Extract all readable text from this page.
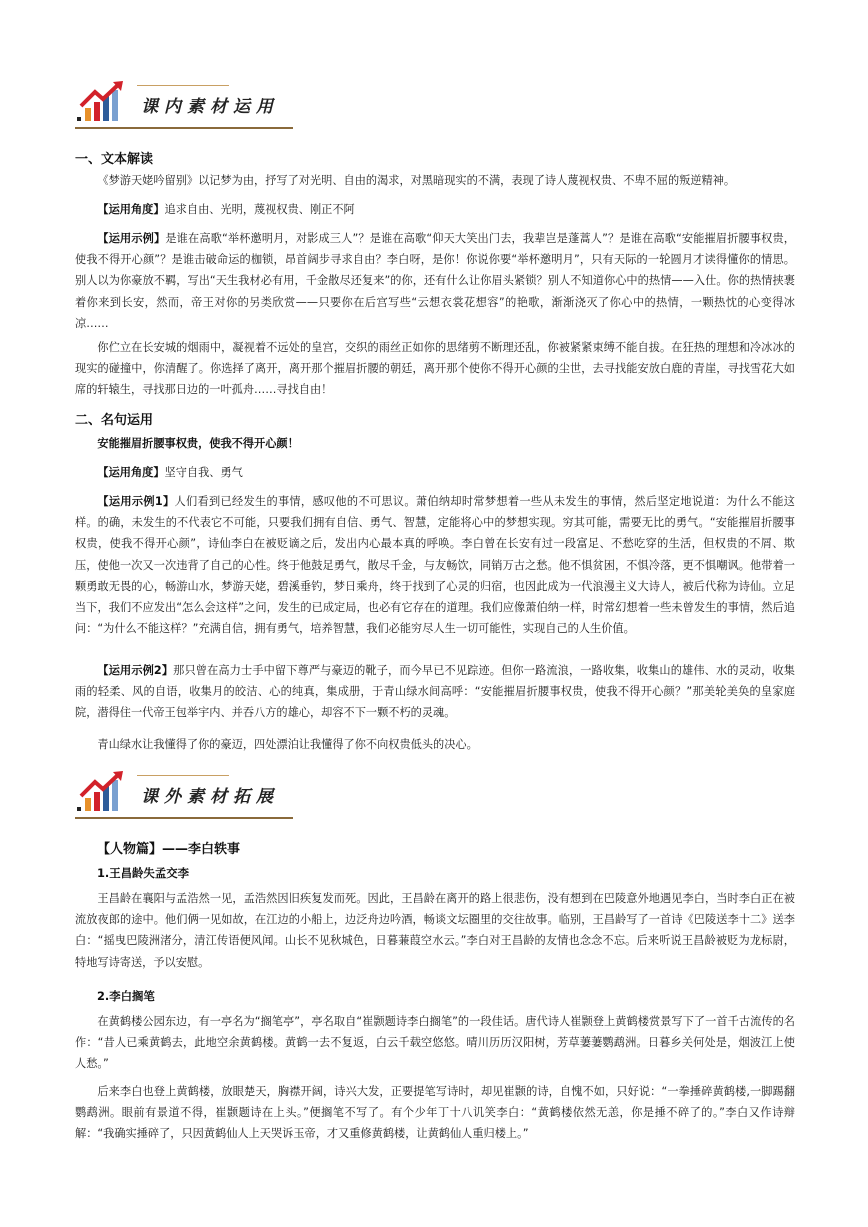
课内素材运用
一、文本解读
《梦游天姥吟留别》以记梦为由，抒写了对光明、自由的渴求，对黑暗现实的不满，表现了诗人蔑视权贵、不卑不屈的叛逆精神。
【运用角度】追求自由、光明，蔑视权贵、刚正不阿
【运用示例】是谁在高歌“举杯邀明月，对影成三人”？是谁在高歌“仰天大笑出门去，我辈岂是蓬蒿人”？是谁在高歌“安能摧眉折腰事权贵，使我不得开心颜”？是谁击破命运的枷锁，昂首阔步寻求自由？李白呀，是你！你说你要“举杯邀明月”，只有天际的一轮圆月才读得懂你的情思。别人以为你豪放不羁，写出“天生我材必有用，千金散尽还复来”的你，还有什么让你眉头紧锁？别人不知道你心中的热情——入仕。你的热情挟裹着你来到长安，然而，帝王对你的另类欣赏——只要你在后宫写些“云想衣裳花想容”的艳歌，渐渐浇灭了你心中的热情，一颗热忱的心变得冰凉……
你伫立在长安城的烟雨中，凝视着不远处的皇宫，交织的雨丝正如你的思绪剪不断理还乱，你被紧紧束缚不能自拔。在狂热的理想和冷冰冰的现实的碰撞中，你清醒了。你选择了离开，离开那个摧眉折腰的朝廷，离开那个使你不得开心颜的尘世，去寻找能安放白鹿的青崖，寻找雪花大如席的轩辕生，寻找那日边的一叶孤舟……寻找自由！
二、名句运用
安能摧眉折腰事权贵，使我不得开心颜！
【运用角度】坚守自我、勇气
【运用示例1】人们看到已经发生的事情，感叹他的不可思议。萧伯纳却时常梦想着一些从未发生的事情，然后坚定地说道：为什么不能这样。的确，未发生的不代表它不可能，只要我们拥有自信、勇气、智慧，定能将心中的梦想实现。穷其可能，需要无比的勇气。“安能摧眉折腰事权贵，使我不得开心颜”，诗仙李白在被贬谪之后，发出内心最本真的呼唤。李白曾在长安有过一段富足、不愁吃穿的生活，但权贵的不屑、欺压，使他一次又一次违背了自己的心性。终于他鼓足勇气，散尽千金，与友畅饮，同销万古之愁。他不惧贫困，不惧冷落，更不惧嘲讽。他带着一颗勇敢无畏的心，畅游山水，梦游天姥，碧溪垂钓，梦日乘舟，终于找到了心灵的归宿，也因此成为一代浪漫主义大诗人，被后代称为诗仙。立足当下，我们不应发出“怎么会这样”之问，发生的已成定局，也必有它存在的道理。我们应像萧伯纳一样，时常幻想着一些未曾发生的事情，然后追问：“为什么不能这样？”充满自信，拥有勇气，培养智慧，我们必能穷尽人生一切可能性，实现自己的人生价值。
【运用示例2】那只曾在高力士手中留下尊严与豪迈的靴子，而今早已不见踪迹。但你一路流浪，一路收集，收集山的雄伟、水的灵动，收集雨的轻柔、风的自语，收集月的皎洁、心的纯真，集成册，于青山绿水间高呼：“安能摧眉折腰事权贵，使我不得开心颜？”那美轮美奂的皇家庭院，潜得住一代帝王包举宇内、并吞八方的雄心，却容不下一颗不朽的灵魂。
青山绿水让我懂得了你的豪迈，四处漂泊让我懂得了你不向权贵低头的决心。
课外素材拓展
【人物篇】——李白轶事
1.王昌龄失孟交李
王昌龄在襄阳与孟浩然一见，孟浩然因旧疾复发而死。因此，王昌龄在离开的路上很悲伤，没有想到在巴陵意外地遇见李白，当时李白正在被流放夜郎的途中。他们俩一见如故，在江边的小船上，边泛舟边吟酒，畅谈文坛圈里的交往故事。临别，王昌龄写了一首诗《巴陵送李十二》送李白：“摇曳巴陵洲渚分，清江传语便风闻。山长不见秋城色，日暮蒹葭空水云。”李白对王昌龄的友情也念念不忘。后来听说王昌龄被贬为龙标尉，特地写诗寄送，予以安慰。
2.李白搁笔
在黄鹤楼公园东边，有一亭名为“搁笔亭”，亭名取自“崔颢题诗李白搁笔”的一段佳话。唐代诗人崔颢登上黄鹤楼赏景写下了一首千古流传的名作：“昔人已乘黄鹤去，此地空余黄鹤楼。黄鹤一去不复返，白云千载空悠悠。晴川历历汉阳树，芳草萋萋鹦鹉洲。日暮乡关何处是，烟波江上使人愁。”
后来李白也登上黄鹤楼，放眼楚天，胸襟开阔，诗兴大发，正要提笔写诗时，却见崔颢的诗，自愧不如，只好说：“一拳捶碎黄鹤楼,一脚踢翻鹦鹉洲。眼前有景道不得，崔颢题诗在上头。”便搁笔不写了。有个少年丁十八讥笑李白：“黄鹤楼依然无恙，你是捶不碎了的。”李白又作诗辩解：“我确实捶碎了，只因黄鹤仙人上天哭诉玉帝，才又重修黄鹤楼，让黄鹤仙人重归楼上。”
